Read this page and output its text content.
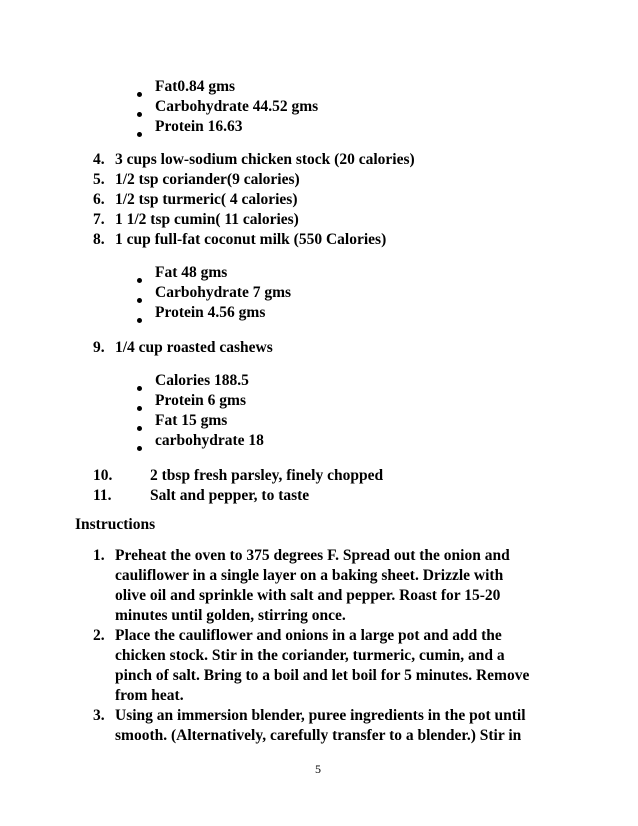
Fat0.84 gms
Carbohydrate 44.52 gms
Protein 16.63
4. 3 cups low-sodium chicken stock (20 calories)
5. 1/2 tsp coriander(9 calories)
6. 1/2 tsp turmeric( 4 calories)
7. 1 1/2 tsp cumin( 11 calories)
8. 1 cup full-fat coconut milk (550 Calories)
Fat 48 gms
Carbohydrate 7 gms
Protein 4.56 gms
9. 1/4 cup roasted cashews
Calories 188.5
Protein 6 gms
Fat 15 gms
carbohydrate 18
10. 2 tbsp fresh parsley, finely chopped
11. Salt and pepper, to taste
Instructions
1. Preheat the oven to 375 degrees F. Spread out the onion and
cauliflower in a single layer on a baking sheet. Drizzle with
olive oil and sprinkle with salt and pepper. Roast for 15-20
minutes until golden, stirring once.
2. Place the cauliflower and onions in a large pot and add the
chicken stock. Stir in the coriander, turmeric, cumin, and a
pinch of salt. Bring to a boil and let boil for 5 minutes. Remove
from heat.
3. Using an immersion blender, puree ingredients in the pot until
smooth. (Alternatively, carefully transfer to a blender.) Stir in
5
